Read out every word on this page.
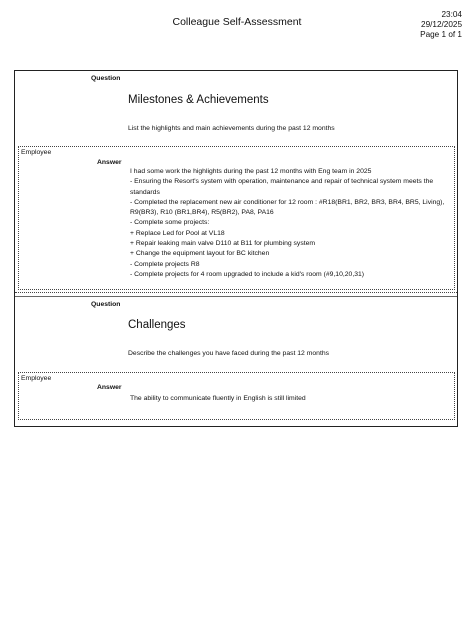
Colleague Self-Assessment
23:04
29/12/2025
Page 1 of 1
Question
Milestones & Achievements
List the highlights and main achievements during the past 12 months
Employee
Answer
I had some work the highlights during the past 12 months with Eng team in 2025
- Ensuring the Resort's system with operation, maintenance and repair of technical system meets the standards
- Completed the replacement new air conditioner for 12 room : #R18(BR1, BR2, BR3, BR4, BR5, Living), R9(BR3), R10 (BR1,BR4), R5(BR2), PA8, PA16
- Complete some projects:
+ Replace Led for Pool at VL18
+ Repair leaking main valve D110 at B11 for plumbing system
+ Change the equipment layout for BC kitchen
- Complete projects R8
- Complete projects for 4 room upgraded to include a kid's room (#9,10,20,31)
Question
Challenges
Describe the challenges you have faced during the past 12 months
Employee
Answer
The ability to communicate fluently in English is still limited
